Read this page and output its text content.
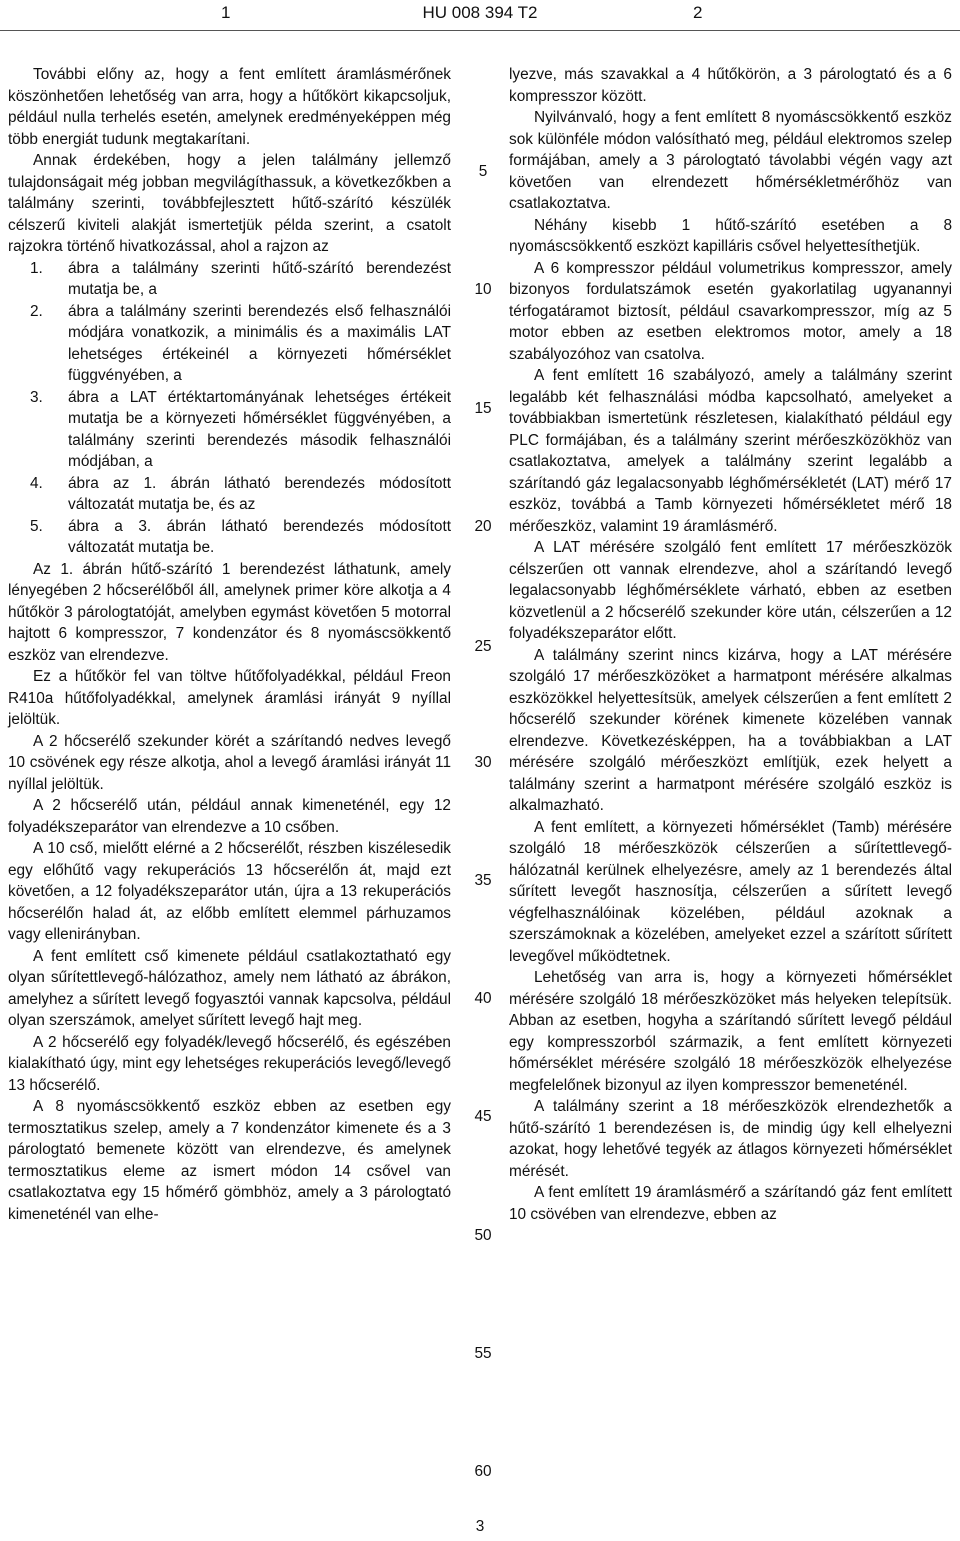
1	HU 008 394 T2	2

További előny az, hogy a fent említett áramlásmérőnek köszönhetően lehetőség van arra, hogy a hűtőkört kikapcsoljuk, például nulla terhelés esetén, amelynek eredményeképpen még több energiát tudunk megtakarítani.

Annak érdekében, hogy a jelen találmány jellemző tulajdonságait még jobban megvilágíthassuk, a következőkben a találmány szerinti, továbbfejlesztett hűtő-szárító készülék célszerű kiviteli alakját ismertetjük példa szerint, a csatolt rajzokra történő hivatkozással, ahol a rajzon az

1. ábra a találmány szerinti hűtő-szárító berendezést mutatja be, a

2. ábra a találmány szerinti berendezés első felhasználói módjára vonatkozik, a minimális és a maximális LAT lehetséges értékeinél a környezeti hőmérséklet függvényében, a

3. ábra a LAT értéktartományának lehetséges értékeit mutatja be a környezeti hőmérséklet függvényében, a találmány szerinti berendezés második felhasználói módjában, a

4. ábra az 1. ábrán látható berendezés módosított változatát mutatja be, és az

5. ábra a 3. ábrán látható berendezés módosított változatát mutatja be.

Az 1. ábrán hűtő-szárító 1 berendezést láthatunk, amely lényegében 2 hőcserélőből áll, amelynek primer köre alkotja a 4 hűtőkör 3 párologtatóját, amelyben egymást követően 5 motorral hajtott 6 kompresszor, 7 kondenzátor és 8 nyomáscsökkentő eszköz van elrendezve.

Ez a hűtőkör fel van töltve hűtőfolyadékkal, például Freon R410a hűtőfolyadékkal, amelynek áramlási irányát 9 nyíllal jelöltük.

A 2 hőcserélő szekunder körét a szárítandó nedves levegő 10 csövének egy része alkotja, ahol a levegő áramlási irányát 11 nyíllal jelöltük.

A 2 hőcserélő után, például annak kimeneténél, egy 12 folyadékszeparátor van elrendezve a 10 csőben.

A 10 cső, mielőtt elérné a 2 hőcserélőt, részben kiszélesedik egy előhűtő vagy rekuperációs 13 hőcserélőn át, majd ezt követően, a 12 folyadékszeparátor után, újra a 13 rekuperációs hőcserélőn halad át, az előbb említett elemmel párhuzamos vagy ellenirányban.

A fent említett cső kimenete például csatlakoztatható egy olyan sűrítettlevegő-hálózathoz, amely nem látható az ábrákon, amelyhez a sűrített levegő fogyasztói vannak kapcsolva, például olyan szerszámok, amelyet sűrített levegő hajt meg.

A 2 hőcserélő egy folyadék/levegő hőcserélő, és egészében kialakítható úgy, mint egy lehetséges rekuperációs levegő/levegő 13 hőcserélő.

A 8 nyomáscsökkentő eszköz ebben az esetben egy termosztatikus szelep, amely a 7 kondenzátor kimenete és a 3 párologtató bemenete között van elrendezve, és amelynek termosztatikus eleme az ismert módon 14 csővel van csatlakoztatva egy 15 hőmérő gömbhöz, amely a 3 párologtató kimeneténél van elhe-

5
10
15
20
25
30
35
40
45
50
55
60

lyezve, más szavakkal a 4 hűtőkörön, a 3 párologtató és a 6 kompresszor között.

Nyilvánvaló, hogy a fent említett 8 nyomáscsökkentő eszköz sok különféle módon valósítható meg, például elektromos szelep formájában, amely a 3 párologtató távolabbi végén vagy azt követően van elrendezett hőmérsékletmérőhöz van csatlakoztatva.

Néhány kisebb 1 hűtő-szárító esetében a 8 nyomáscsökkentő eszközt kapilláris csővel helyettesíthetjük.

A 6 kompresszor például volumetrikus kompresszor, amely bizonyos fordulatszámok esetén gyakorlatilag ugyanannyi térfogatáramot biztosít, például csavarkompresszor, míg az 5 motor ebben az esetben elektromos motor, amely a 18 szabályozóhoz van csatolva.

A fent említett 16 szabályozó, amely a találmány szerint legalább két felhasználási módba kapcsolható, amelyeket a továbbiakban ismertetünk részletesen, kialakítható például egy PLC formájában, és a találmány szerint mérőeszközökhöz van csatlakoztatva, amelyek a találmány szerint legalább a szárítandó gáz legalacsonyabb léghőmérsékletét (LAT) mérő 17 eszköz, továbbá a Tamb környezeti hőmérsékletet mérő 18 mérőeszköz, valamint 19 áramlásmérő.

A LAT mérésére szolgáló fent említett 17 mérőeszközök célszerűen ott vannak elrendezve, ahol a szárítandó levegő legalacsonyabb léghőmérséklete várható, ebben az esetben közvetlenül a 2 hőcserélő szekunder köre után, célszerűen a 12 folyadékszeparátor előtt.

A találmány szerint nincs kizárva, hogy a LAT mérésére szolgáló 17 mérőeszközöket a harmatpont mérésére alkalmas eszközökkel helyettesítsük, amelyek célszerűen a fent említett 2 hőcserélő szekunder körének kimenete közelében vannak elrendezve. Következésképpen, ha a továbbiakban a LAT mérésére szolgáló mérőeszközt említjük, ezek helyett a találmány szerint a harmatpont mérésére szolgáló eszköz is alkalmazható.

A fent említett, a környezeti hőmérséklet (Tamb) mérésére szolgáló 18 mérőeszközök célszerűen a sűrítettlevegő-hálózatnál kerülnek elhelyezésre, amely az 1 berendezés által sűrített levegőt hasznosítja, célszerűen a sűrített levegő végfelhasználóinak közelében, például azoknak a szerszámoknak a közelében, amelyeket ezzel a szárított sűrített levegővel működtetnek.

Lehetőség van arra is, hogy a környezeti hőmérséklet mérésére szolgáló 18 mérőeszközöket más helyeken telepítsük. Abban az esetben, hogyha a szárítandó sűrített levegő például egy kompresszorból származik, a fent említett környezeti hőmérséklet mérésére szolgáló 18 mérőeszközök elhelyezése megfelelőnek bizonyul az ilyen kompresszor bemeneténél.

A találmány szerint a 18 mérőeszközök elrendezhetők a hűtő-szárító 1 berendezésen is, de mindig úgy kell elhelyezni azokat, hogy lehetővé tegyék az átlagos környezeti hőmérséklet mérését.

A fent említett 19 áramlásmérő a szárítandó gáz fent említett 10 csövében van elrendezve, ebben az

3
